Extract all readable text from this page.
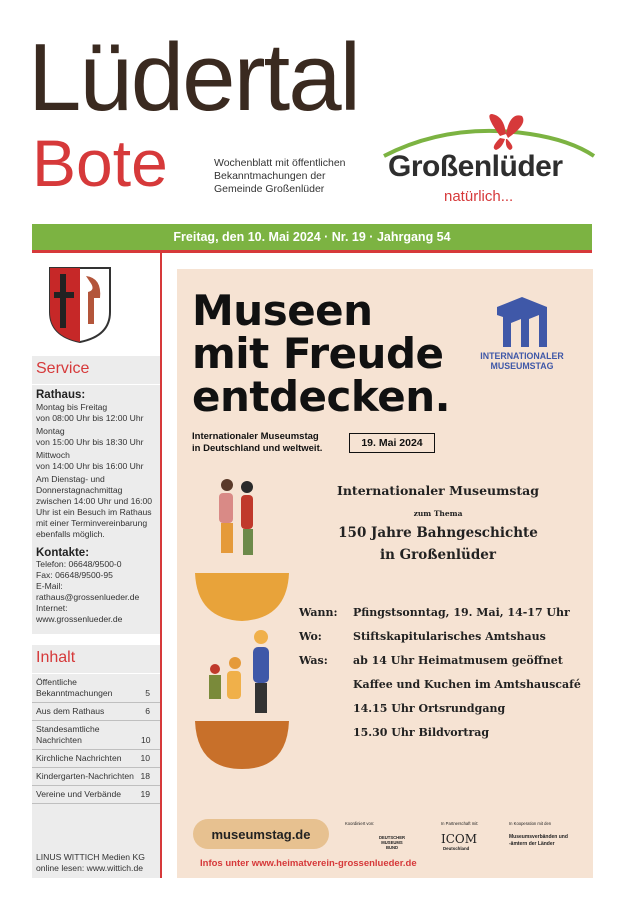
Lüdertal
Bote	Wochenblatt mit öffentlichen Bekanntmachungen der Gemeinde Großenlüder
Großenlüder
natürlich...
Freitag, den 10. Mai 2024 · Nr. 19 · Jahrgang 54
Service
Rathaus:
Montag bis Freitag
von 08:00 Uhr bis 12:00 Uhr
Montag
von 15:00 Uhr bis 18:30 Uhr
Mittwoch
von 14:00 Uhr bis 16:00 Uhr
Am Dienstag- und Donnerstagnachmittag zwischen 14:00 Uhr und 16:00 Uhr ist ein Besuch im Rathaus mit einer Terminvereinbarung ebenfalls möglich.
Kontakte:
Telefon: 06648/9500-0
Fax: 06648/9500-95
E-Mail:
rathaus@grossenlueder.de
Internet:
www.grossenlueder.de
Inhalt
Öffentliche Bekanntmachungen	5
Aus dem Rathaus	6
Standesamtliche Nachrichten	10
Kirchliche Nachrichten 10
Kindergarten-Nachrichten 18
Vereine und Verbände 19
LINUS WITTICH Medien KG online lesen: www.wittich.de
Museen
mit Freude
entdecken.
INTERNATIONALER
MUSEUMSTAG
Internationaler Museumstag
in Deutschland und weltweit.	19. Mai 2024
Internationaler Museumstag
zum Thema
150 Jahre Bahngeschichte
in Großenlüder
Wann:	Pfingstsonntag, 19. Mai, 14-17 Uhr
Wo:	Stiftskapitularisches Amtshaus
Was:	ab 14 Uhr Heimatmusem geöffnet
Kaffee und Kuchen im Amtshauscafé
14.15 Uhr Ortsrundgang
15.30 Uhr Bildvortrag
museumstag.de
Infos unter www.heimatverein-grossenlueder.de
Koordiniert von:
DEUTSCHER MUSEUMS BUND
In Partnerschaft mit:
ICOM
Deutschland
In Kooperation mit den
Museumsverbänden und -ämtern der Länder
